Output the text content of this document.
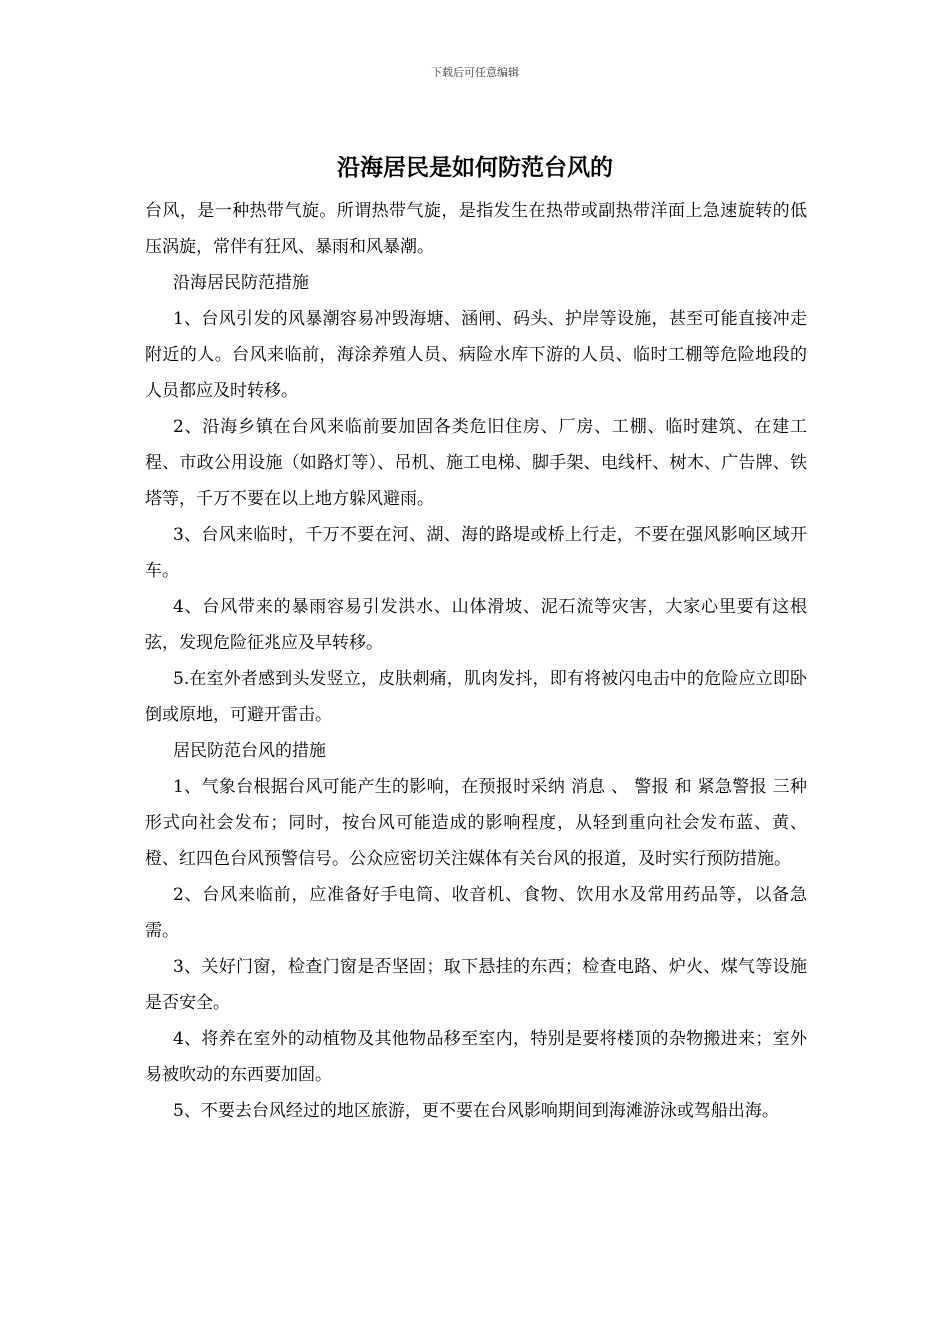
下载后可任意编辑
沿海居民是如何防范台风的

台风，是一种热带气旋。所谓热带气旋，是指发生在热带或副热带洋面上急速旋转的低压涡旋，常伴有狂风、暴雨和风暴潮。

沿海居民防范措施

1、台风引发的风暴潮容易冲毁海塘、涵闸、码头、护岸等设施，甚至可能直接冲走附近的人。台风来临前，海涂养殖人员、病险水库下游的人员、临时工棚等危险地段的人员都应及时转移。

2、沿海乡镇在台风来临前要加固各类危旧住房、厂房、工棚、临时建筑、在建工程、市政公用设施（如路灯等）、吊机、施工电梯、脚手架、电线杆、树木、广告牌、铁塔等，千万不要在以上地方躲风避雨。

3、台风来临时，千万不要在河、湖、海的路堤或桥上行走，不要在强风影响区域开车。

4、台风带来的暴雨容易引发洪水、山体滑坡、泥石流等灾害，大家心里要有这根弦，发现危险征兆应及早转移。

5.在室外者感到头发竖立，皮肤刺痛，肌肉发抖，即有将被闪电击中的危险应立即卧倒或原地，可避开雷击。

居民防范台风的措施

1、气象台根据台风可能产生的影响，在预报时采纳 消息 、 警报 和 紧急警报 三种形式向社会发布；同时，按台风可能造成的影响程度，从轻到重向社会发布蓝、黄、橙、红四色台风预警信号。公众应密切关注媒体有关台风的报道，及时实行预防措施。

2、台风来临前，应准备好手电筒、收音机、食物、饮用水及常用药品等，以备急需。

3、关好门窗，检查门窗是否坚固；取下悬挂的东西；检查电路、炉火、煤气等设施是否安全。

4、将养在室外的动植物及其他物品移至室内，特别是要将楼顶的杂物搬进来；室外易被吹动的东西要加固。

5、不要去台风经过的地区旅游，更不要在台风影响期间到海滩游泳或驾船出海。
